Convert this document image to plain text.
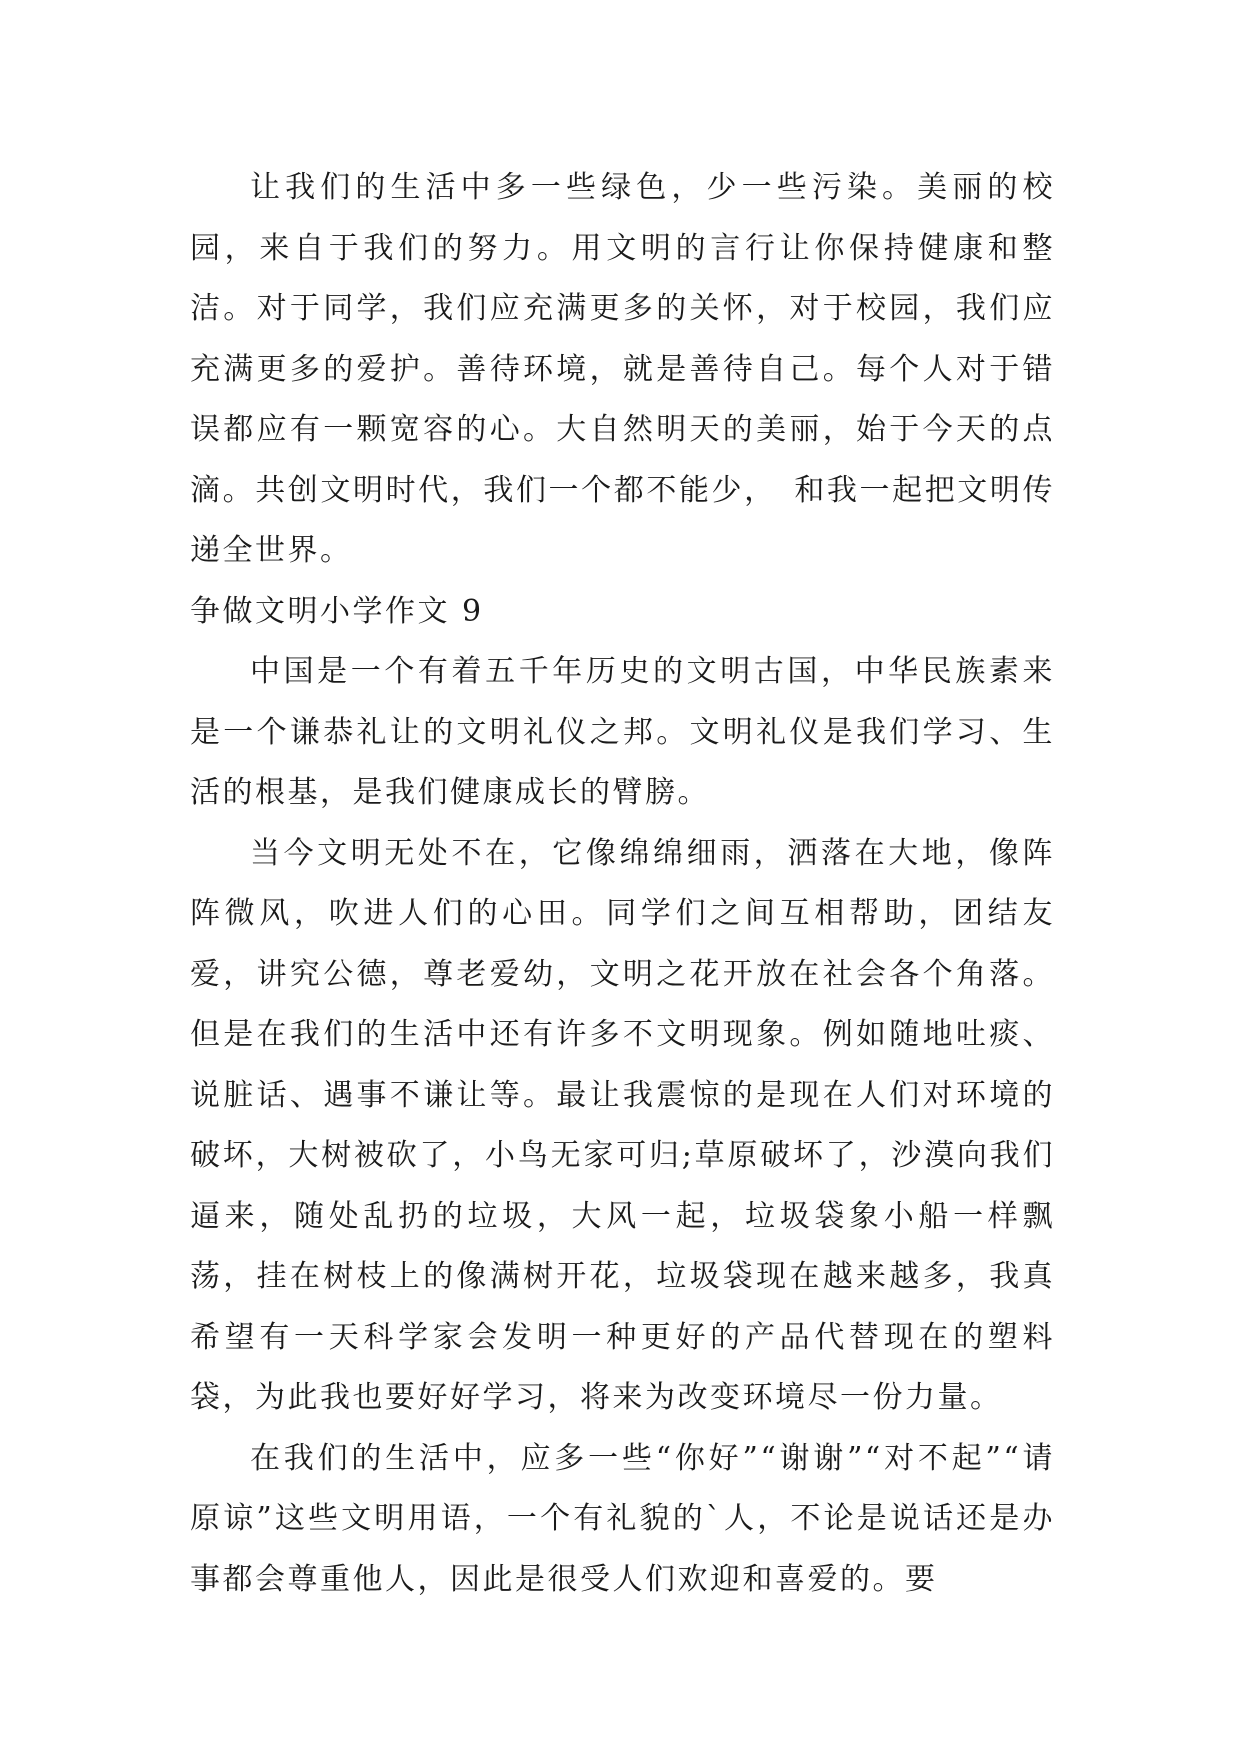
让我们的生活中多一些绿色，少一些污染。美丽的校园，来自于我们的努力。用文明的言行让你保持健康和整洁。对于同学，我们应充满更多的关怀，对于校园，我们应充满更多的爱护。善待环境，就是善待自己。每个人对于错误都应有一颗宽容的心。大自然明天的美丽，始于今天的点滴。共创文明时代，我们一个都不能少，　和我一起把文明传递全世界。

争做文明小学作文 9

中国是一个有着五千年历史的文明古国，中华民族素来是一个谦恭礼让的文明礼仪之邦。文明礼仪是我们学习、生活的根基，是我们健康成长的臂膀。

当今文明无处不在，它像绵绵细雨，洒落在大地，像阵阵微风，吹进人们的心田。同学们之间互相帮助，团结友爱，讲究公德，尊老爱幼，文明之花开放在社会各个角落。但是在我们的生活中还有许多不文明现象。例如随地吐痰、说脏话、遇事不谦让等。最让我震惊的是现在人们对环境的破坏，大树被砍了，小鸟无家可归;草原破坏了，沙漠向我们逼来，随处乱扔的垃圾，大风一起，垃圾袋象小船一样飘荡，挂在树枝上的像满树开花，垃圾袋现在越来越多，我真希望有一天科学家会发明一种更好的产品代替现在的塑料袋，为此我也要好好学习，将来为改变环境尽一份力量。

在我们的生活中，应多一些“你好”“谢谢”“对不起”“请原谅”这些文明用语，一个有礼貌的`人，不论是说话还是办事都会尊重他人，因此是很受人们欢迎和喜爱的。要
